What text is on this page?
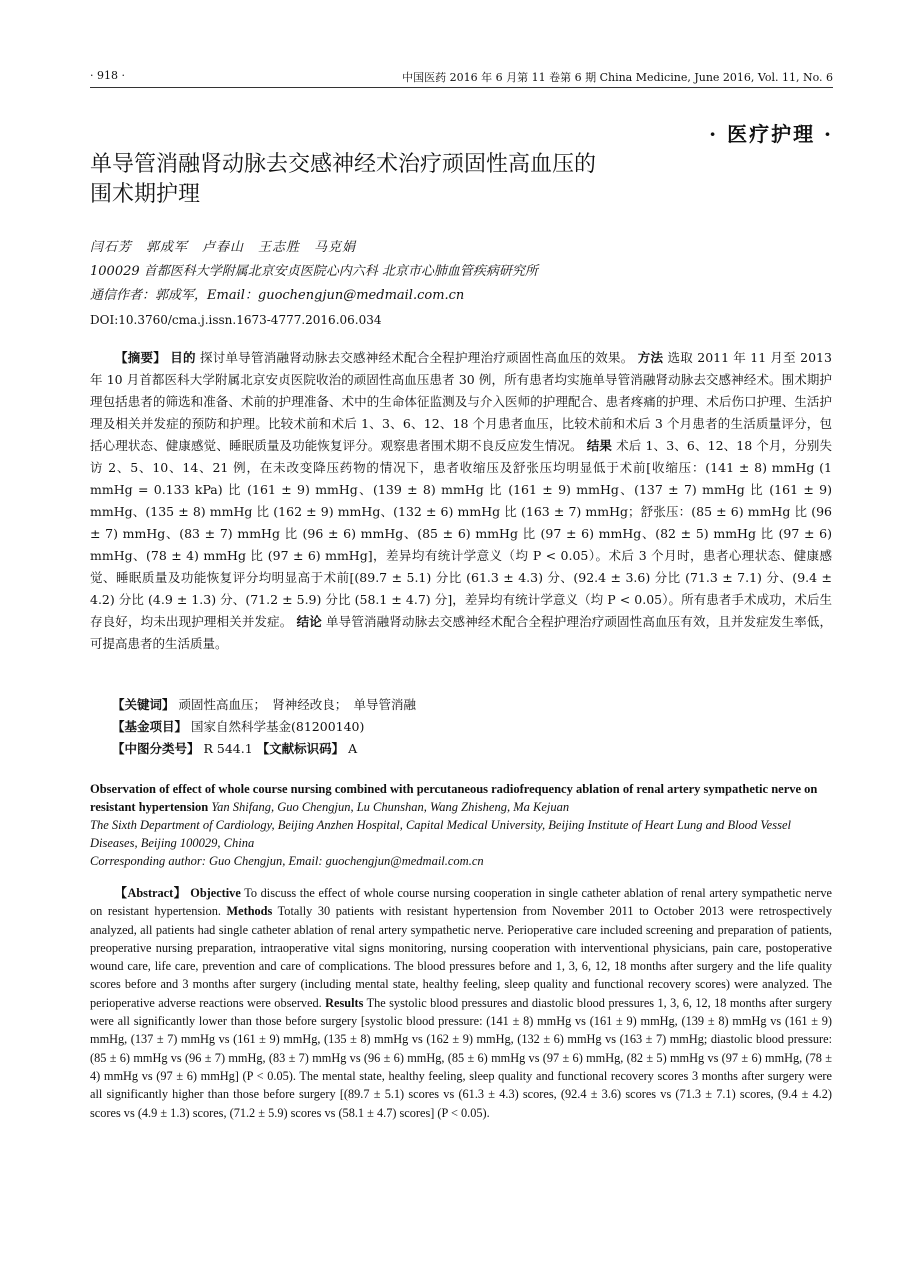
· 918 ·	中国医药 2016 年 6 月第 11 卷第 6 期 China Medicine, June 2016, Vol. 11, No. 6
· 医疗护理 ·
单导管消融肾动脉去交感神经术治疗顽固性高血压的
围术期护理
闫石芳　郭成军　卢春山　王志胜　马克娟
100029 首都医科大学附属北京安贞医院心内六科 北京市心肺血管疾病研究所
通信作者：郭成军，Email：guochengjun@medmail.com.cn
DOI:10.3760/cma.j.issn.1673-4777.2016.06.034

【摘要】 目的 探讨单导管消融肾动脉去交感神经术配合全程护理治疗顽固性高血压的效果。 方法 选取 2011 年 11 月至 2013 年 10 月首都医科大学附属北京安贞医院收治的顽固性高血压患者 30 例，所有患者均实施单导管消融肾动脉去交感神经术。围术期护理包括患者的筛选和准备、术前的护理准备、术中的生命体征监测及与介入医师的护理配合、患者疼痛的护理、术后伤口护理、生活护理及相关并发症的预防和护理。比较术前和术后 1、3、6、12、18 个月患者血压，比较术前和术后 3 个月患者的生活质量评分，包括心理状态、健康感觉、睡眠质量及功能恢复评分。观察患者围术期不良反应发生情况。 结果 术后 1、3、6、12、18 个月，分别失访 2、5、10、14、21 例，在未改变降压药物的情况下，患者收缩压及舒张压均明显低于术前[收缩压：(141 ± 8) mmHg (1 mmHg = 0.133 kPa) 比 (161 ± 9) mmHg、(139 ± 8) mmHg 比 (161 ± 9) mmHg、(137 ± 7) mmHg 比 (161 ± 9) mmHg、(135 ± 8) mmHg 比 (162 ± 9) mmHg、(132 ± 6) mmHg 比 (163 ± 7) mmHg；舒张压：(85 ± 6) mmHg 比 (96 ± 7) mmHg、(83 ± 7) mmHg 比 (96 ± 6) mmHg、(85 ± 6) mmHg 比 (97 ± 6) mmHg、(82 ± 5) mmHg 比 (97 ± 6) mmHg、(78 ± 4) mmHg 比 (97 ± 6) mmHg]，差异均有统计学意义（均 P < 0.05）。术后 3 个月时，患者心理状态、健康感觉、睡眠质量及功能恢复评分均明显高于术前[(89.7 ± 5.1) 分比 (61.3 ± 4.3) 分、(92.4 ± 3.6) 分比 (71.3 ± 7.1) 分、(9.4 ± 4.2) 分比 (4.9 ± 1.3) 分、(71.2 ± 5.9) 分比 (58.1 ± 4.7) 分]，差异均有统计学意义（均 P < 0.05）。所有患者手术成功，术后生存良好，均未出现护理相关并发症。 结论 单导管消融肾动脉去交感神经术配合全程护理治疗顽固性高血压有效，且并发症发生率低，可提高患者的生活质量。

【关键词】 顽固性高血压；　肾神经改良；　单导管消融
【基金项目】 国家自然科学基金(81200140)
【中图分类号】 R 544.1 【文献标识码】 A

Observation of effect of whole course nursing combined with percutaneous radiofrequency ablation of renal artery sympathetic nerve on resistant hypertension Yan Shifang, Guo Chengjun, Lu Chunshan, Wang Zhisheng, Ma Kejuan

The Sixth Department of Cardiology, Beijing Anzhen Hospital, Capital Medical University, Beijing Institute of Heart Lung and Blood Vessel Diseases, Beijing 100029, China

Corresponding author: Guo Chengjun, Email: guochengjun@medmail.com.cn

【Abstract】 Objective To discuss the effect of whole course nursing cooperation in single catheter ablation of renal artery sympathetic nerve on resistant hypertension. Methods Totally 30 patients with resistant hypertension from November 2011 to October 2013 were retrospectively analyzed, all patients had single catheter ablation of renal artery sympathetic nerve. Perioperative care included screening and preparation of patients, preoperative nursing preparation, intraoperative vital signs monitoring, nursing cooperation with interventional physicians, pain care, postoperative wound care, life care, prevention and care of complications. The blood pressures before and 1, 3, 6, 12, 18 months after surgery and the life quality scores before and 3 months after surgery (including mental state, healthy feeling, sleep quality and functional recovery scores) were analyzed. The perioperative adverse reactions were observed. Results The systolic blood pressures and diastolic blood pressures 1, 3, 6, 12, 18 months after surgery were all significantly lower than those before surgery [systolic blood pressure: (141 ± 8) mmHg vs (161 ± 9) mmHg, (139 ± 8) mmHg vs (161 ± 9) mmHg, (137 ± 7) mmHg vs (161 ± 9) mmHg, (135 ± 8) mmHg vs (162 ± 9) mmHg, (132 ± 6) mmHg vs (163 ± 7) mmHg; diastolic blood pressure: (85 ± 6) mmHg vs (96 ± 7) mmHg, (83 ± 7) mmHg vs (96 ± 6) mmHg, (85 ± 6) mmHg vs (97 ± 6) mmHg, (82 ± 5) mmHg vs (97 ± 6) mmHg, (78 ± 4) mmHg vs (97 ± 6) mmHg] (P < 0.05). The mental state, healthy feeling, sleep quality and functional recovery scores 3 months after surgery were all significantly higher than those before surgery [(89.7 ± 5.1) scores vs (61.3 ± 4.3) scores, (92.4 ± 3.6) scores vs (71.3 ± 7.1) scores, (9.4 ± 4.2) scores vs (4.9 ± 1.3) scores, (71.2 ± 5.9) scores vs (58.1 ± 4.7) scores] (P < 0.05).
